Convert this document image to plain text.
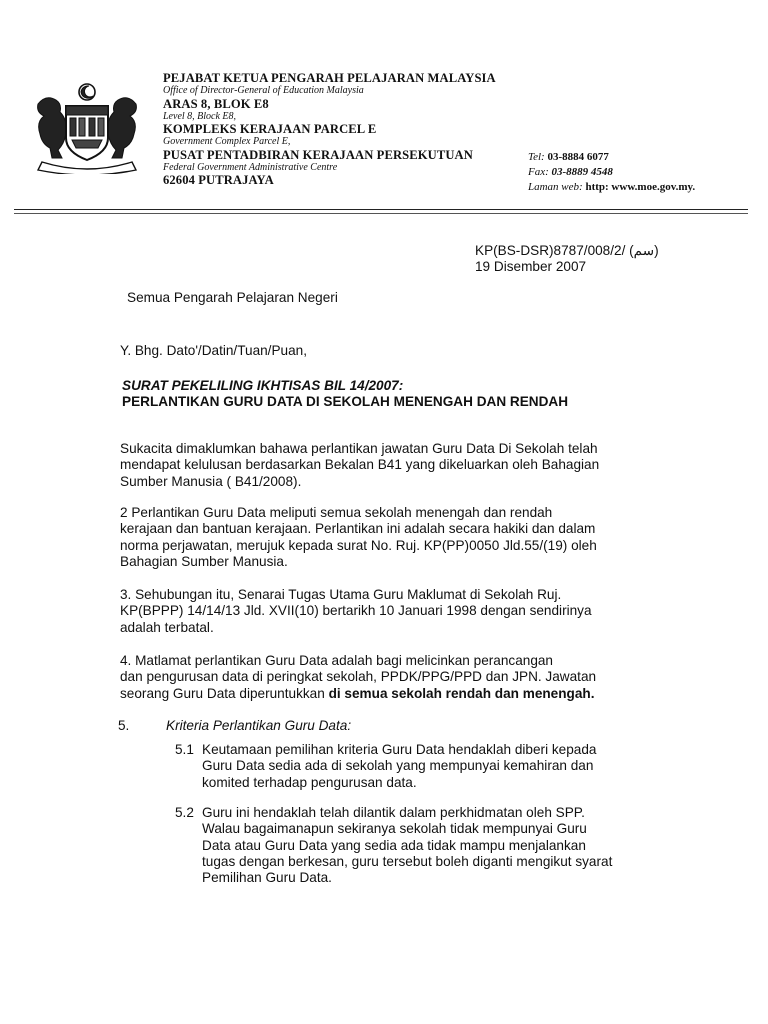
PEJABAT KETUA PENGARAH PELAJARAN MALAYSIA
Office of Director-General of Education Malaysia
ARAS 8, BLOK E8
Level 8, Block E8,
KOMPLEKS KERAJAAN PARCEL E
Government Complex Parcel E,
PUSAT PENTADBIRAN KERAJAAN PERSEKUTUAN
Federal Government Administrative Centre
62604 PUTRAJAYA
Tel: 03-8884 6077
Fax: 03-8889 4548
Laman web: http: www.moe.gov.my.
KP(BS-DSR)8787/008/2/ (سم)
19 Disember 2007
Semua Pengarah Pelajaran Negeri
Y. Bhg. Dato'/Datin/Tuan/Puan,
SURAT PEKELILING IKHTISAS BIL 14/2007:
PERLANTIKAN GURU DATA DI SEKOLAH MENENGAH DAN RENDAH
Sukacita dimaklumkan bahawa perlantikan jawatan Guru Data Di Sekolah telah
mendapat kelulusan berdasarkan Bekalan B41 yang dikeluarkan oleh Bahagian
Sumber Manusia ( B41/2008).
2 Perlantikan Guru Data meliputi semua sekolah menengah dan rendah
kerajaan dan bantuan kerajaan. Perlantikan ini adalah secara hakiki dan dalam
norma perjawatan, merujuk kepada surat No. Ruj. KP(PP)0050 Jld.55/(19) oleh
Bahagian Sumber Manusia.
3. Sehubungan itu, Senarai Tugas Utama Guru Maklumat di Sekolah Ruj.
KP(BPPP) 14/14/13 Jld. XVII(10) bertarikh 10 Januari 1998 dengan sendirinya
adalah terbatal.
4. Matlamat perlantikan Guru Data adalah bagi melicinkan perancangan
dan pengurusan data di peringkat sekolah, PPDK/PPG/PPD dan JPN. Jawatan
seorang Guru Data diperuntukkan di semua sekolah rendah dan menengah.
5.	Kriteria Perlantikan Guru Data:
5.1 Keutamaan pemilihan kriteria Guru Data hendaklah diberi kepada
Guru Data sedia ada di sekolah yang mempunyai kemahiran dan
komited terhadap pengurusan data.
5.2 Guru ini hendaklah telah dilantik dalam perkhidmatan oleh SPP.
Walau bagaimanapun sekiranya sekolah tidak mempunyai Guru
Data atau Guru Data yang sedia ada tidak mampu menjalankan
tugas dengan berkesan, guru tersebut boleh diganti mengikut syarat
Pemilihan Guru Data.
